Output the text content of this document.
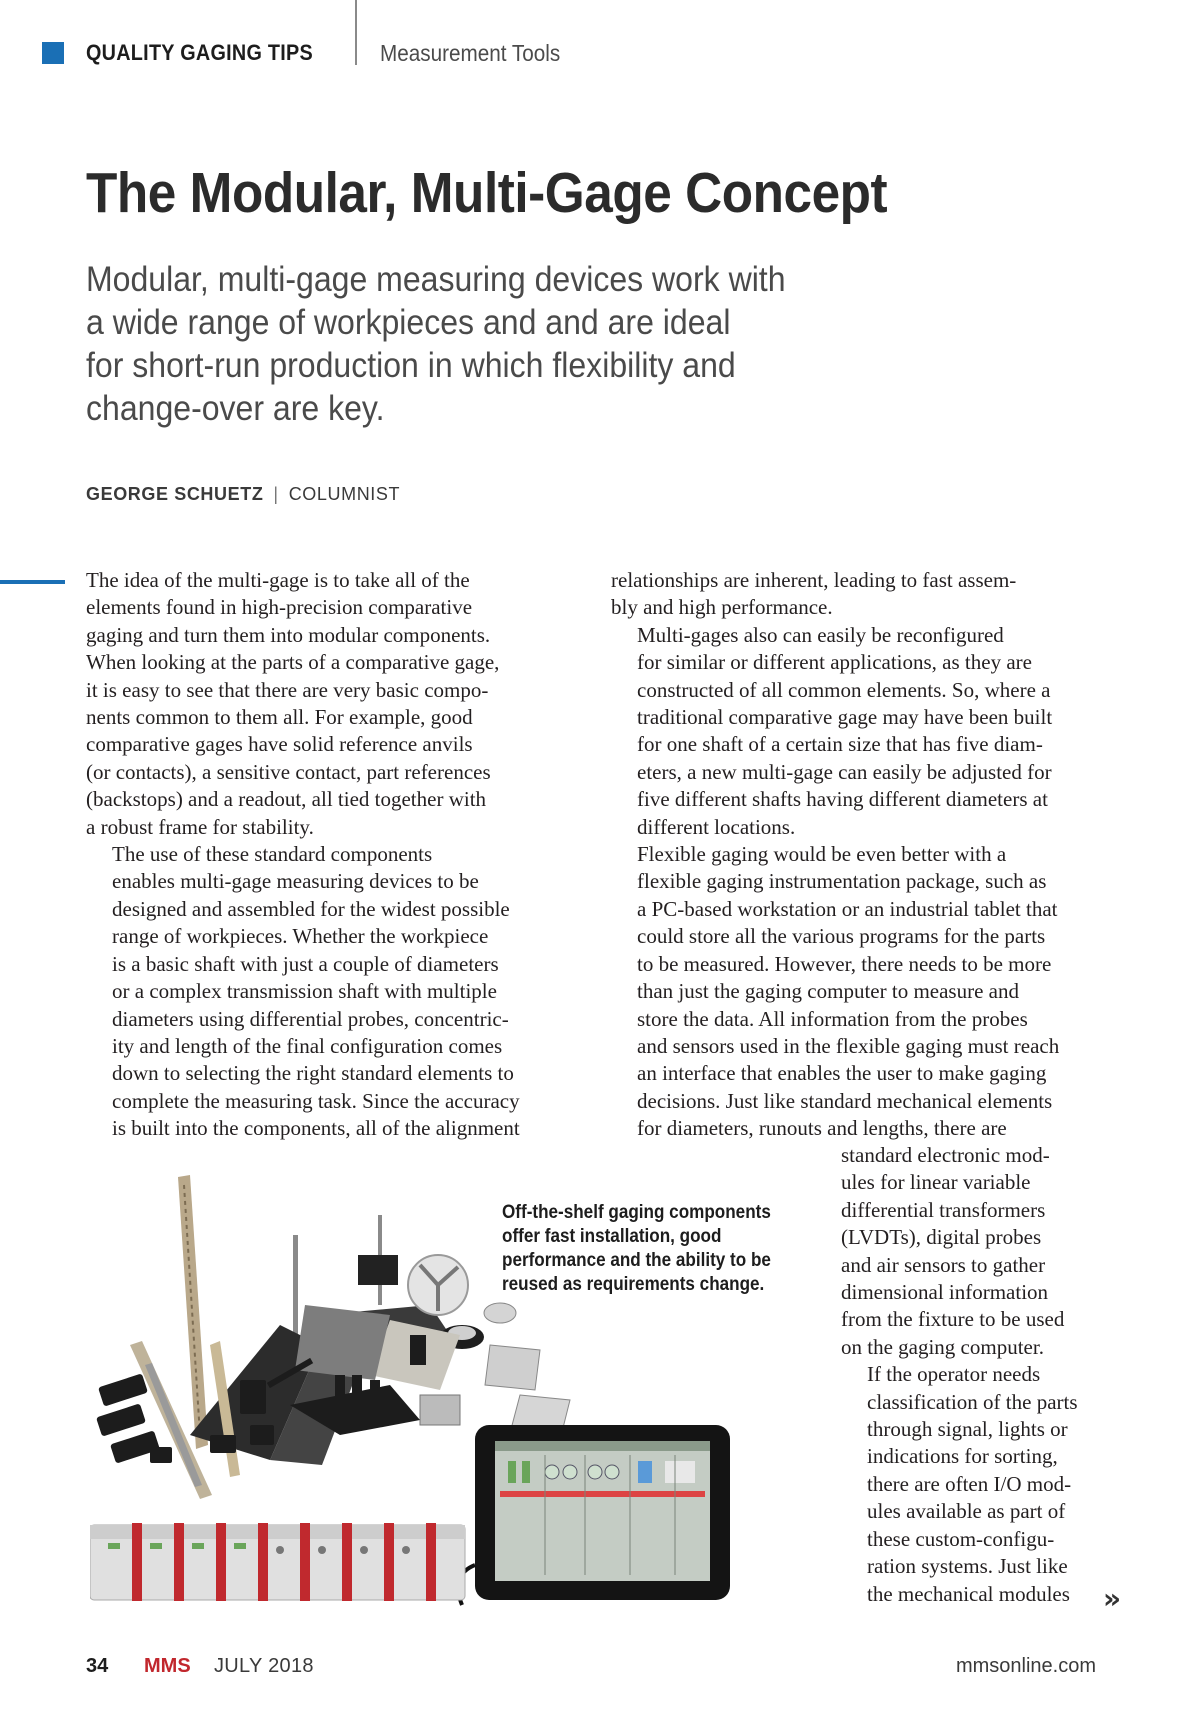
QUALITY GAGING TIPS	Measurement Tools
The Modular, Multi-Gage Concept
Modular, multi-gage measuring devices work with
a wide range of workpieces and and are ideal
for short-run production in which flexibility and
change-over are key.
GEORGE SCHUETZ | COLUMNIST

The idea of the multi-gage is to take all of the
elements found in high-precision comparative
gaging and turn them into modular components.
When looking at the parts of a comparative gage,
it is easy to see that there are very basic compo-
nents common to them all. For example, good
comparative gages have solid reference anvils
(or contacts), a sensitive contact, part references
(backstops) and a readout, all tied together with
a robust frame for stability.

The use of these standard components
enables multi-gage measuring devices to be
designed and assembled for the widest possible
range of workpieces. Whether the workpiece
is a basic shaft with just a couple of diameters
or a complex transmission shaft with multiple
diameters using differential probes, concentric-
ity and length of the final configuration comes
down to selecting the right standard elements to
complete the measuring task. Since the accuracy
is built into the components, all of the alignment

relationships are inherent, leading to fast assem-
bly and high performance.

Multi-gages also can easily be reconfigured
for similar or different applications, as they are
constructed of all common elements. So, where a
traditional comparative gage may have been built
for one shaft of a certain size that has five diam-
eters, a new multi-gage can easily be adjusted for
five different shafts having different diameters at
different locations.

Flexible gaging would be even better with a
flexible gaging instrumentation package, such as
a PC-based workstation or an industrial tablet that
could store all the various programs for the parts
to be measured. However, there needs to be more
than just the gaging computer to measure and
store the data. All information from the probes
and sensors used in the flexible gaging must reach
an interface that enables the user to make gaging
decisions. Just like standard mechanical elements
for diameters, runouts and lengths, there are

standard electronic mod-
ules for linear variable
differential transformers
(LVDTs), digital probes
and air sensors to gather
dimensional information
from the fixture to be used
on the gaging computer.

If the operator needs
classification of the parts
through signal, lights or
indications for sorting,
there are often I/O mod-
ules available as part of
these custom-configu-
ration systems. Just like
the mechanical modules	»
Off-the-shelf gaging components
offer fast installation, good
performance and the ability to be
reused as requirements change.
34 MMS JULY 2018	mmsonline.com
